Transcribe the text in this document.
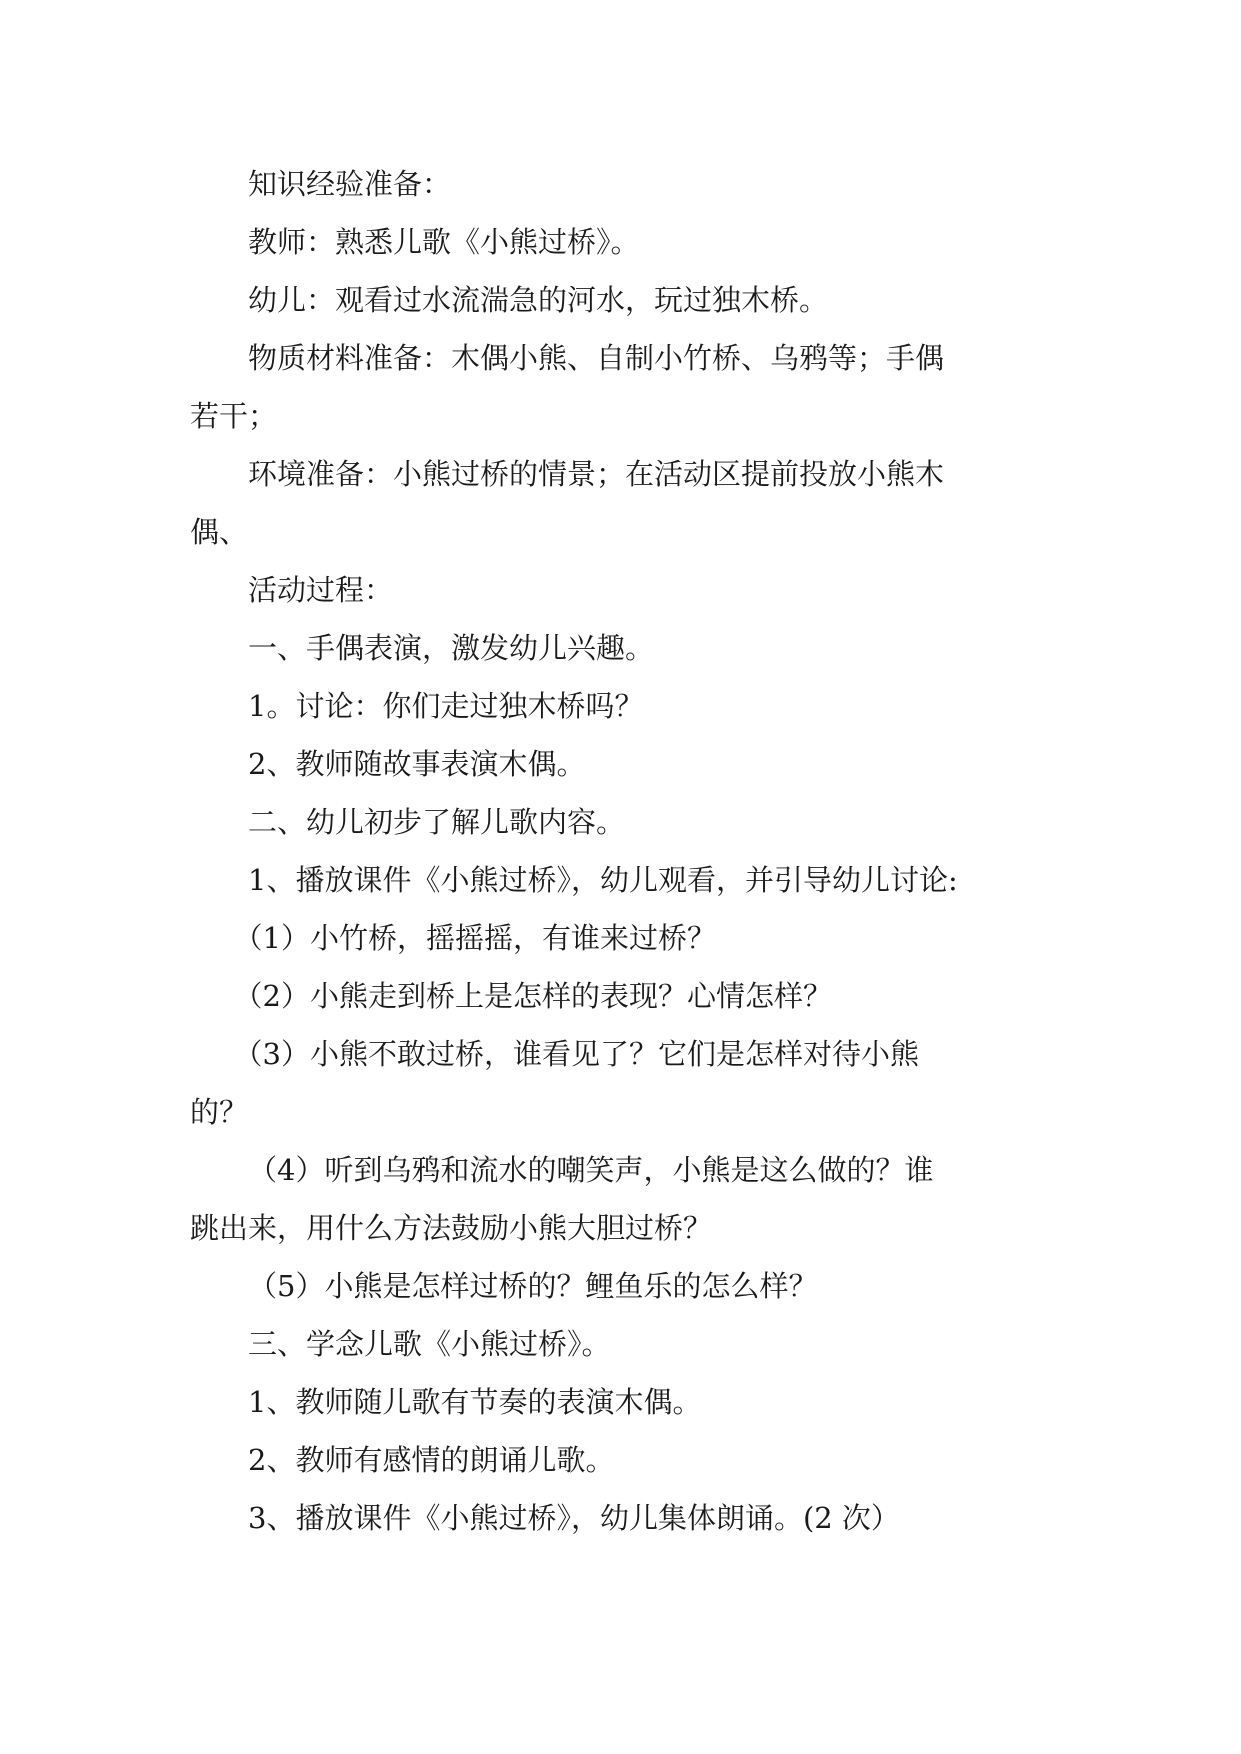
知识经验准备：

教师：熟悉儿歌《小熊过桥》。

幼儿：观看过水流湍急的河水，玩过独木桥。

物质材料准备：木偶小熊、自制小竹桥、乌鸦等；手偶
若干；

环境准备：小熊过桥的情景；在活动区提前投放小熊木
偶、

活动过程：

一、手偶表演，激发幼儿兴趣。

1。讨论：你们走过独木桥吗？

2、教师随故事表演木偶。

二、幼儿初步了解儿歌内容。

1、播放课件《小熊过桥》，幼儿观看，并引导幼儿讨论:

（1）小竹桥，摇摇摇，有谁来过桥？

（2）小熊走到桥上是怎样的表现？心情怎样？

（3）小熊不敢过桥，谁看见了？它们是怎样对待小熊
的？

（4）听到乌鸦和流水的嘲笑声，小熊是这么做的？谁
跳出来，用什么方法鼓励小熊大胆过桥？

（5）小熊是怎样过桥的？鲤鱼乐的怎么样？

三、学念儿歌《小熊过桥》。

1、教师随儿歌有节奏的表演木偶。

2、教师有感情的朗诵儿歌。

3、播放课件《小熊过桥》，幼儿集体朗诵。(2 次）
